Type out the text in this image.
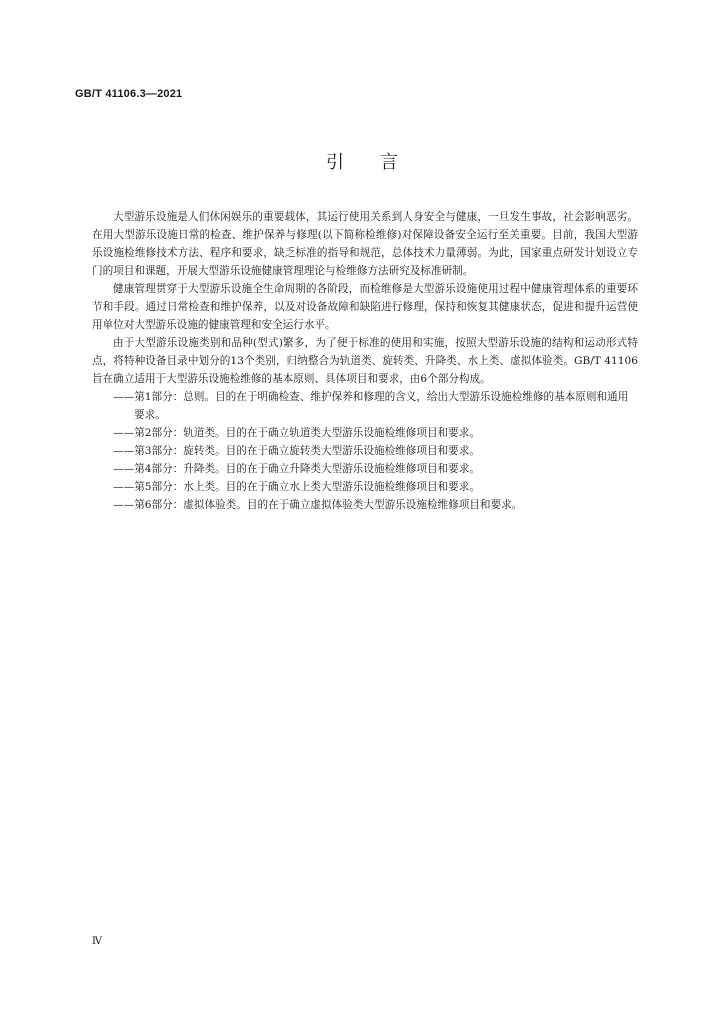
GB/T 41106.3—2021
引言

大型游乐设施是人们休闲娱乐的重要载体，其运行使用关系到人身安全与健康，一旦发生事故，社会影响恶劣。在用大型游乐设施日常的检查、维护保养与修理(以下简称检维修)对保障设备安全运行至关重要。目前，我国大型游乐设施检维修技术方法、程序和要求，缺乏标准的指导和规范，总体技术力量薄弱。为此，国家重点研发计划设立专门的项目和课题，开展大型游乐设施健康管理理论与检维修方法研究及标准研制。

健康管理贯穿于大型游乐设施全生命周期的各阶段，而检维修是大型游乐设施使用过程中健康管理体系的重要环节和手段。通过日常检查和维护保养，以及对设备故障和缺陷进行修理，保持和恢复其健康状态，促进和提升运营使用单位对大型游乐设施的健康管理和安全运行水平。

由于大型游乐设施类别和品种(型式)繁多，为了便于标准的使用和实施，按照大型游乐设施的结构和运动形式特点，将特种设备目录中划分的13个类别，归纳整合为轨道类、旋转类、升降类、水上类、虚拟体验类。GB/T 41106旨在确立适用于大型游乐设施检维修的基本原则、具体项目和要求，由6个部分构成。

——第1部分：总则。目的在于明确检查、维护保养和修理的含义，给出大型游乐设施检维修的基本原则和通用要求。

——第2部分：轨道类。目的在于确立轨道类大型游乐设施检维修项目和要求。

——第3部分：旋转类。目的在于确立旋转类大型游乐设施检维修项目和要求。

——第4部分：升降类。目的在于确立升降类大型游乐设施检维修项目和要求。

——第5部分：水上类。目的在于确立水上类大型游乐设施检维修项目和要求。

——第6部分：虚拟体验类。目的在于确立虚拟体验类大型游乐设施检维修项目和要求。

Ⅳ
